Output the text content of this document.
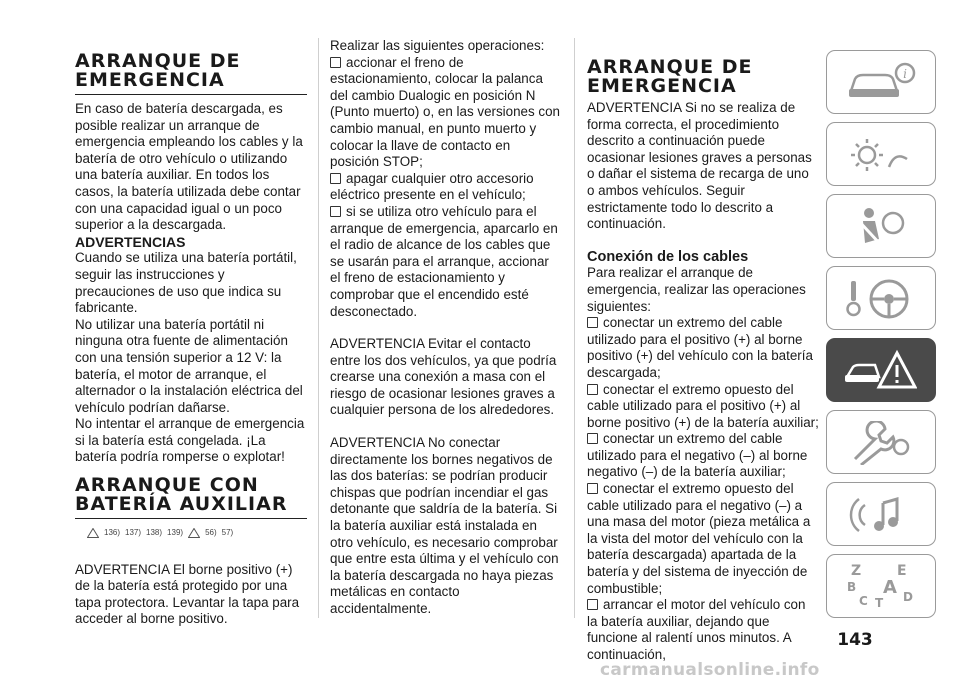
ARRANQUE DE

EMERGENCIA

En caso de batería descargada, es posible realizar un arranque de emergencia empleando los cables y la batería de otro vehículo o utilizando una batería auxiliar. En todos los casos, la batería utilizada debe contar con una capacidad igual o un poco superior a la descargada.

ADVERTENCIAS

Cuando se utiliza una batería portátil, seguir las instrucciones y precauciones de uso que indica su fabricante.

No utilizar una batería portátil ni ninguna otra fuente de alimentación con una tensión superior a 12 V: la batería, el motor de arranque, el alternador o la instalación eléctrica del vehículo podrían dañarse.

No intentar el arranque de emergencia si la batería está congelada. ¡La batería podría romperse o explotar!

ARRANQUE CON

BATERÍA AUXILIAR

136) 137) 138) 139)	56) 57)

ADVERTENCIA El borne positivo (+) de la batería está protegido por una tapa protectora. Levantar la tapa para acceder al borne positivo.

Realizar las siguientes operaciones:

accionar el freno de estacionamiento, colocar la palanca del cambio Dualogic en posición N (Punto muerto) o, en las versiones con cambio manual, en punto muerto y colocar la llave de contacto en posición STOP;
apagar cualquier otro accesorio eléctrico presente en el vehículo;
si se utiliza otro vehículo para el arranque de emergencia, aparcarlo en el radio de alcance de los cables que se usarán para el arranque, accionar el freno de estacionamiento y comprobar que el encendido esté desconectado.

ADVERTENCIA Evitar el contacto entre los dos vehículos, ya que podría crearse una conexión a masa con el riesgo de ocasionar lesiones graves a cualquier persona de los alrededores.

ADVERTENCIA No conectar directamente los bornes negativos de las dos baterías: se podrían producir chispas que podrían incendiar el gas detonante que saldría de la batería. Si la batería auxiliar está instalada en otro vehículo, es necesario comprobar que entre esta última y el vehículo con la batería descargada no haya piezas metálicas en contacto accidentalmente.

ARRANQUE DE

EMERGENCIA

ADVERTENCIA Si no se realiza de forma correcta, el procedimiento descrito a continuación puede ocasionar lesiones graves a personas o dañar el sistema de recarga de uno o ambos vehículos. Seguir estrictamente todo lo descrito a continuación.

Conexión de los cables

Para realizar el arranque de emergencia, realizar las operaciones siguientes:

conectar un extremo del cable utilizado para el positivo (+) al borne positivo (+) del vehículo con la batería descargada;
conectar el extremo opuesto del cable utilizado para el positivo (+) al borne positivo (+) de la batería auxiliar;
conectar un extremo del cable utilizado para el negativo (–) al borne negativo (–) de la batería auxiliar;
conectar el extremo opuesto del cable utilizado para el negativo (–) a una masa del motor (pieza metálica a la vista del motor del vehículo con la batería descargada) apartada de la batería y del sistema de inyección de combustible;
arrancar el motor del vehículo con la batería auxiliar, dejando que funcione al ralentí unos minutos. A continuación,
i
Z	E
B A
C T D
143
carmanualsonline.info
